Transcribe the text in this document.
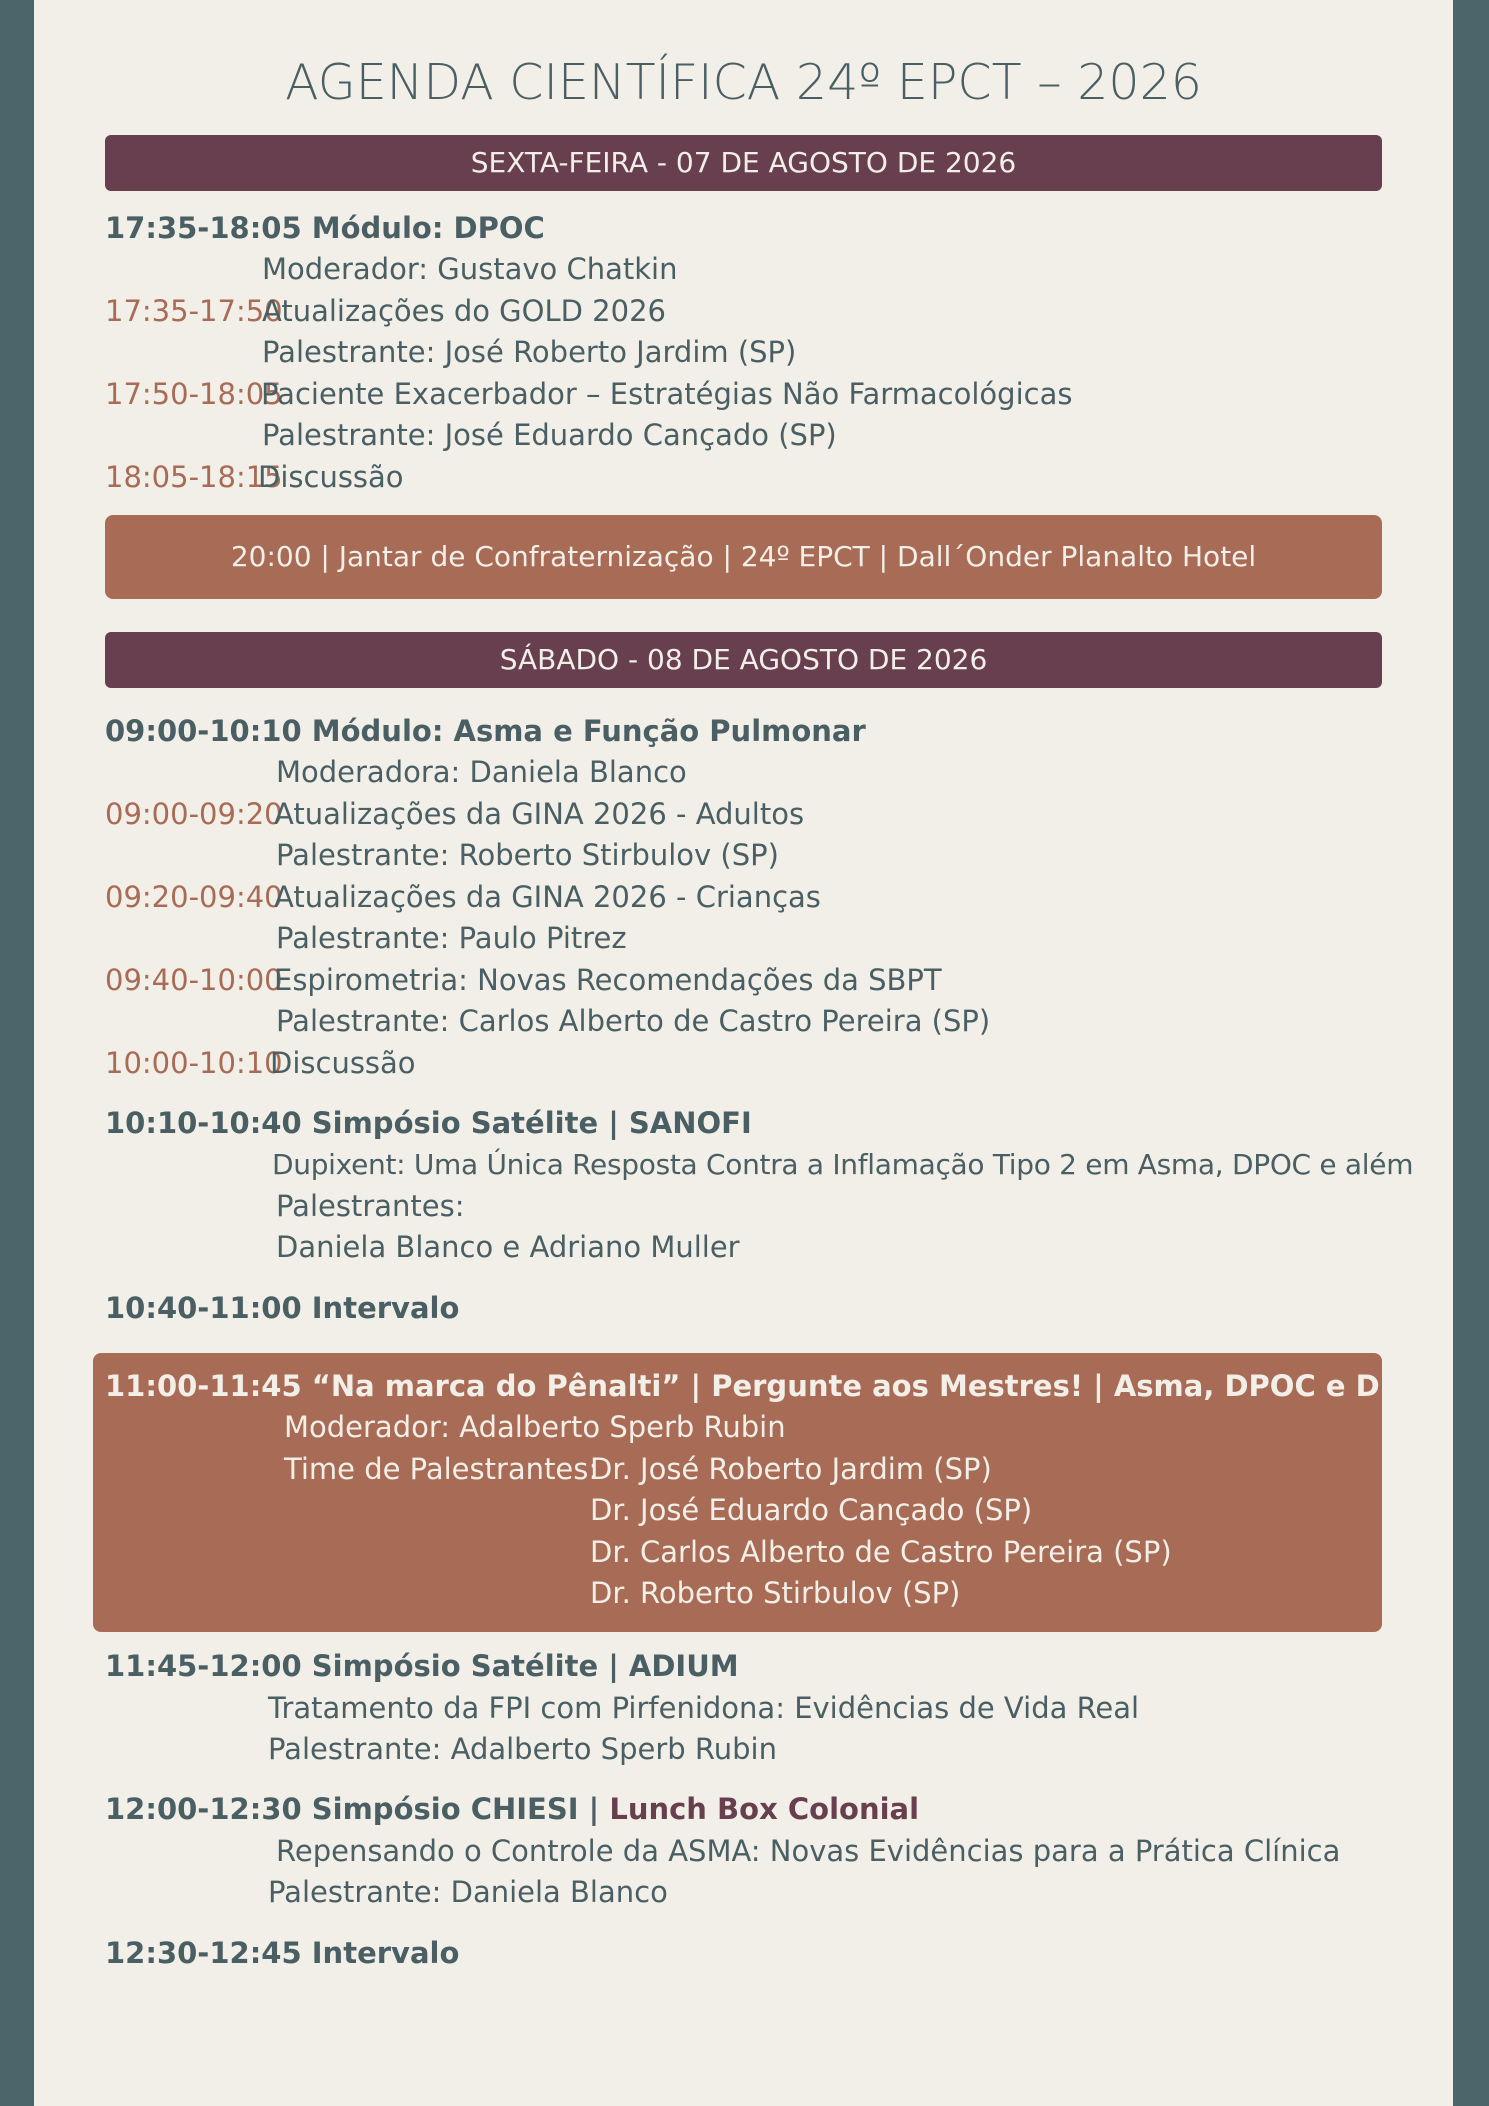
AGENDA CIENTÍFICA 24º EPCT – 2026
SEXTA-FEIRA - 07 DE AGOSTO DE 2026
17:35-18:05 Módulo: DPOC
Moderador: Gustavo Chatkin
17:35-17:50
Atualizações do GOLD 2026
Palestrante: José Roberto Jardim (SP)
17:50-18:05
Paciente Exacerbador – Estratégias Não Farmacológicas
Palestrante: José Eduardo Cançado (SP)
18:05-18:15
Discussão
20:00 | Jantar de Confraternização | 24º EPCT | Dall´Onder Planalto Hotel
SÁBADO - 08 DE AGOSTO DE 2026
09:00-10:10 Módulo: Asma e Função Pulmonar
Moderadora: Daniela Blanco
09:00-09:20
Atualizações da GINA 2026 - Adultos
Palestrante: Roberto Stirbulov (SP)
09:20-09:40
Atualizações da GINA 2026 - Crianças
Palestrante: Paulo Pitrez
09:40-10:00
Espirometria: Novas Recomendações da SBPT
Palestrante: Carlos Alberto de Castro Pereira (SP)
10:00-10:10
Discussão
10:10-10:40 Simpósio Satélite | SANOFI
Dupixent: Uma Única Resposta Contra a Inflamação Tipo 2 em Asma, DPOC e além
Palestrantes:
Daniela Blanco e Adriano Muller
10:40-11:00 Intervalo
11:00-11:45 “Na marca do Pênalti” | Pergunte aos Mestres! | Asma, DPOC e DPI
Moderador: Adalberto Sperb Rubin
Time de Palestrantes:
Dr. José Roberto Jardim (SP)
Dr. José Eduardo Cançado (SP)
Dr. Carlos Alberto de Castro Pereira (SP)
Dr. Roberto Stirbulov (SP)
11:45-12:00 Simpósio Satélite | ADIUM
Tratamento da FPI com Pirfenidona: Evidências de Vida Real
Palestrante: Adalberto Sperb Rubin
12:00-12:30 Simpósio CHIESI | Lunch Box Colonial
Repensando o Controle da ASMA: Novas Evidências para a Prática Clínica
Palestrante: Daniela Blanco
12:30-12:45 Intervalo
